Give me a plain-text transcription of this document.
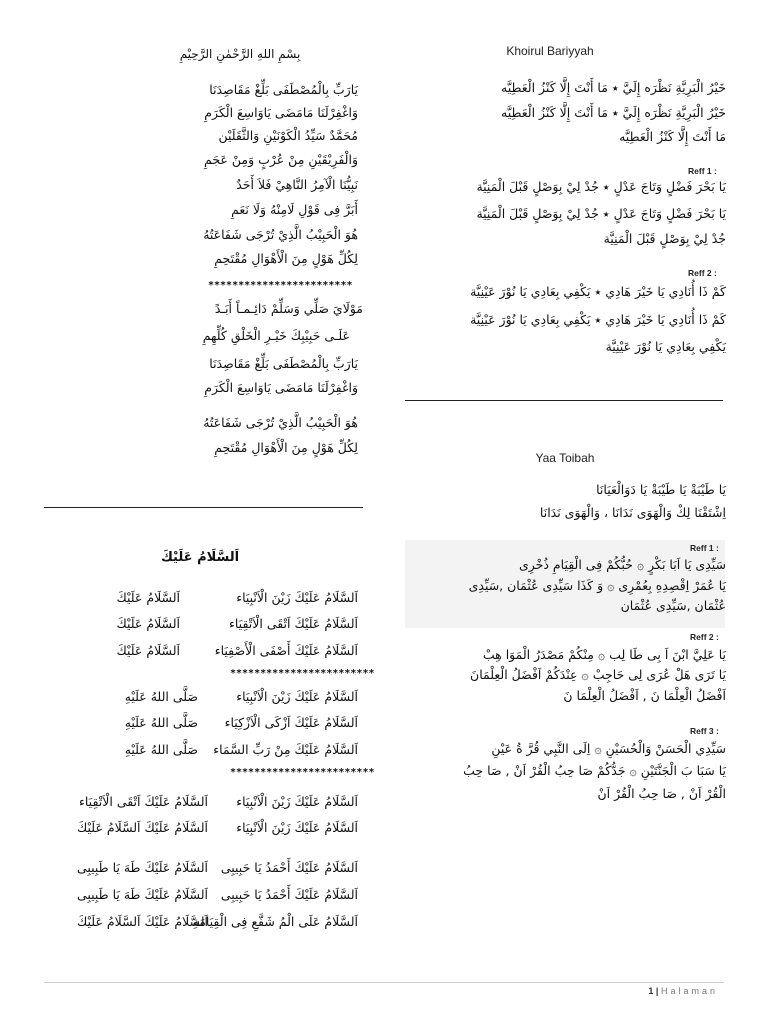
بِسْمِ اللهِ الرَّحْمٰنِ الرَّحِيْمِ
يَارَبِّ بِالْمُصْطَفَى بَلِّغْ مَقَاصِدَنَا
وَاغْفِرْلَنَا مَامَضَى يَاوَاسِعَ الْكَرَمِ
مُحَمَّدٌ سَيِّدُ الْكَوْنَيْنِ وَالثَّقَلَيْن
وَالْفَرِيْقَيْنِ مِنْ عُرْبٍ وَمِنْ عَجَمِ
نَبِيُّنَا الْآمِرُ النَّاهِيْ فَلاَ أَحَدٌ
أَبَرَّ فِى قَوْلِ لَامِنْهُ وَلَا نَعَمِ
هُوَ الْحَبِيْبُ الَّذِيْ تُرْجَى شَفَاعَتُهُ
لِكُلِّ هَوْلٍ مِنَ الْأَهْوَالِ مُقْتَحِمِ
************************
مَوْلَايَ صَلِّي وَسَلِّمْ دَائِـمـاً أَبَـدً
عَلَـى حَبِيْبِكَ خَيْـرِ الْخَلْقِ كُلِّهِمِ
يَارَبِّ بِالْمُصْطَفَى بَلِّغْ مَقَاصِدَنَا
وَاغْفِرْلَنَا مَامَضَى يَاوَاسِعَ الْكَرَمِ
هُوَ الْحَبِيْبُ الَّذِيْ تُرْجَى شَفَاعَتُهُ
لِكُلِّ هَوْلٍ مِنَ الْأَهْوَالِ مُقْتَحِمِ
اَلسَّلَامُ عَلَيْكَ
اَلسَّلَامُ عَلَيْكَ زَيْنَ الْاَنْبِيَاء
اَلسَّلَامُ عَلَيْكَ
اَلسَّلَامُ عَلَيْكَ اَتْقَى الْاَتْقِيَاء
اَلسَّلَامُ عَلَيْكَ
اَلسَّلَامُ عَلَيْكَ أَصْفَى الْأَصْفِيَاء
اَلسَّلَامُ عَلَيْكَ
************************
اَلسَّلَامُ عَلَيْكَ زَيْنَ الْاَنْبِيَاء
صَلَّى اللهُ عَلَيْهِ
اَلسَّلَامُ عَلَيْكَ اَزْكَى الْاَزْكِيَاء
صَلَّى اللهُ عَلَيْهِ
اَلسَّلَامُ عَلَيْكَ مِنْ رَبِّ السَّمَاء
صَلَّى اللهُ عَلَيْهِ
************************
اَلسَّلَامُ عَلَيْكَ زَيْنَ الْاَنْبِيَاء
اَلسَّلَامُ عَلَيْكَ اَتْقَى الْاَتْقِيَاء
اَلسَّلَامُ عَلَيْكَ زَيْنَ الْاَنْبِيَاء
اَلسَّلَامُ عَلَيْكَ اَلسَّلَامُ عَلَيْكَ
اَلسَّلَامُ عَلَيْكَ أَحْمَدُ يَا حَبِيبِى
اَلسَّلَامُ عَلَيْكَ طَهَ يَا طَبِيبِى
اَلسَّلَامُ عَلَيْكَ أَحْمَدُ يَا حَبِيبِى
اَلسَّلَامُ عَلَيْكَ طَهَ يَا طَبِيبِى
اَلسَّلَامُ عَلَى الْمُ شَفَّعِ فِى الْقِيَامَةِ
اَلسَّلَامُ عَلَيْكَ اَلسَّلَامُ عَلَيْكَ
Khoirul Bariyyah
خَيْرُ الْبَرِيَّةِ نَظْرَه إِلَيَّ ٭ مَا أَنْتَ إِلَّا كَنْزُ الْعَطِيَّه
خَيْرُ الْبَرِيَّةِ نَظْرَه إِلَيَّ ٭ مَا أَنْتَ إِلَّا كَنْزُ الْعَطِيَّه
مَا أَنْتَ إِلَّا كَنْزُ الْعَطِيَّه
Reff 1 :
يَا بَحْرَ فَضْلٍ وَتَاجَ عَدْلٍ ٭ جُدْ لِيْ بِوَصْلٍ قَبْلَ الْمَنِيَّة
يَا بَحْرَ فَضْلٍ وَتَاجَ عَدْلٍ ٭ جُدْ لِيْ بِوَصْلٍ قَبْلَ الْمَنِيَّة
جُدْ لِيْ بِوَصْلٍ قَبْلَ الْمَنِيَّة
Reff 2 :
كَمْ ذَا أُنَادِي يَا خَيْرَ هَادِي ٭ يَكْفِي بِعَادِي يَا نُوْرَ عَيْنِيَّة
كَمْ ذَا أُنَادِي يَا خَيْرَ هَادِي ٭ يَكْفِي بِعَادِي يَا نُوْرَ عَيْنِيَّة
يَكْفِي بِعَادِي يَا نُوْرَ عَيْنِيَّة
Yaa Toibah
يَا طَيْبَةْ يَا طَيْبَةْ يَا دَوَالْعَيَانَا
اِشْتَقْنَا لِكْ وَالْهَوَى نَدَانَا ، وَالْهَوَى نَدَانَا
Reff 1 :
سَيِّدِى يَا اَبَا بَكْرٍ ۞ حُبُّكُمْ فِى الْقِيَامِ ذُخْرِى
يَا عُمَرْ اِقْصِدِهِ بِعُمْرِى ۞ وَ كَذَا سَيِّدِى عُثْمَان ,سَيِّدِى
عُثْمَان ,سَيِّدِى عُثْمَان
Reff 2 :
يَا عَلِيَّ ابْنَ اَ بِى طَا لِب ۞ مِنْكُمْ مَصْدَرُ الْمَوَا هِبْ
يَا تَرَى هَلْ عُرَى لِى حَاجِبْ ۞ عِنْدَكُمْ اَفْضَلُ الْعِلْمَانَ
اَفْضَلُ الْعِلْمَا نَ , اَفْضَلُ الْعِلْمَا نَ
Reff 3 :
سَيِّدِي الْحَسَنْ وَالْحُسَيْنِ ۞ اِلَى النَّبِي قُرَّ ةُ عَيْنِ
يَا سَبَا بَ الْجَنَّتَيْنِ ۞ جَدُّكُمْ صَا حِبُ الْقُرْ اَنْ , صَا حِبُ
الْقُرْ اَنْ , صَا حِبُ الْقُرْ اَنْ
1 | Halaman
